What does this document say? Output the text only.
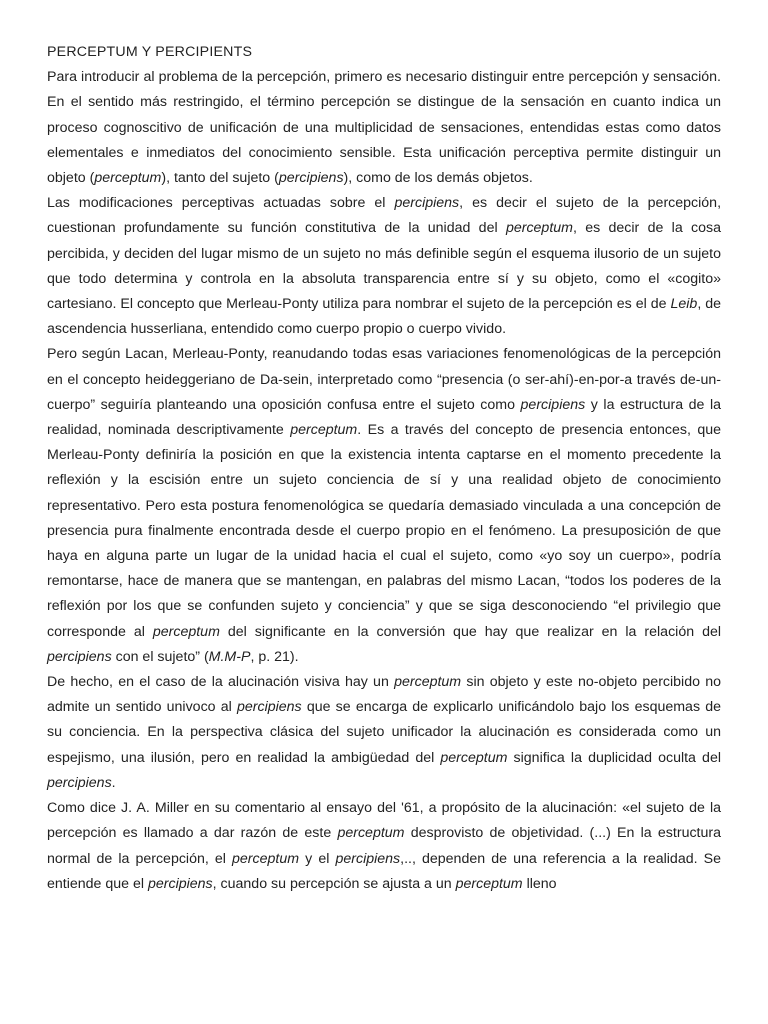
PERCEPTUM Y PERCIPIENTS

Para introducir al problema de la percepción, primero es necesario distinguir entre percepción y sensación. En el sentido más restringido, el término percepción se distingue de la sensación en cuanto indica un proceso cognoscitivo de unificación de una multiplicidad de sensaciones, entendidas estas como datos elementales e inmediatos del conocimiento sensible. Esta unificación perceptiva permite distinguir un objeto (perceptum), tanto del sujeto (percipiens), como de los demás objetos.

Las modificaciones perceptivas actuadas sobre el percipiens, es decir el sujeto de la percepción, cuestionan profundamente su función constitutiva de la unidad del perceptum, es decir de la cosa percibida, y deciden del lugar mismo de un sujeto no más definible según el esquema ilusorio de un sujeto que todo determina y controla en la absoluta transparencia entre sí y su objeto, como el «cogito» cartesiano. El concepto que Merleau-Ponty utiliza para nombrar el sujeto de la percepción es el de Leib, de ascendencia husserliana, entendido como cuerpo propio o cuerpo vivido.

Pero según Lacan, Merleau-Ponty, reanudando todas esas variaciones fenomenológicas de la percepción en el concepto heideggeriano de Da-sein, interpretado como “presencia (o ser-ahí)-en-por-a través de-un-cuerpo” seguiría planteando una oposición confusa entre el sujeto como percipiens y la estructura de la realidad, nominada descriptivamente perceptum. Es a través del concepto de presencia entonces, que Merleau-Ponty definiría la posición en que la existencia intenta captarse en el momento precedente la reflexión y la escisión entre un sujeto conciencia de sí y una realidad objeto de conocimiento representativo. Pero esta postura fenomenológica se quedaría demasiado vinculada a una concepción de presencia pura finalmente encontrada desde el cuerpo propio en el fenómeno. La presuposición de que haya en alguna parte un lugar de la unidad hacia el cual el sujeto, como «yo soy un cuerpo», podría remontarse, hace de manera que se mantengan, en palabras del mismo Lacan, “todos los poderes de la reflexión por los que se confunden sujeto y conciencia” y que se siga desconociendo “el privilegio que corresponde al perceptum del significante en la conversión que hay que realizar en la relación del percipiens con el sujeto” (M.M-P, p. 21).

De hecho, en el caso de la alucinación visiva hay un perceptum sin objeto y este no-objeto percibido no admite un sentido univoco al percipiens que se encarga de explicarlo unificándolo bajo los esquemas de su conciencia. En la perspectiva clásica del sujeto unificador la alucinación es considerada como un espejismo, una ilusión, pero en realidad la ambigüedad del perceptum significa la duplicidad oculta del percipiens.

Como dice J. A. Miller en su comentario al ensayo del '61, a propósito de la alucinación: «el sujeto de la percepción es llamado a dar razón de este perceptum desprovisto de objetividad. (...) En la estructura normal de la percepción, el perceptum y el percipiens,.., dependen de una referencia a la realidad. Se entiende que el percipiens, cuando su percepción se ajusta a un perceptum lleno
